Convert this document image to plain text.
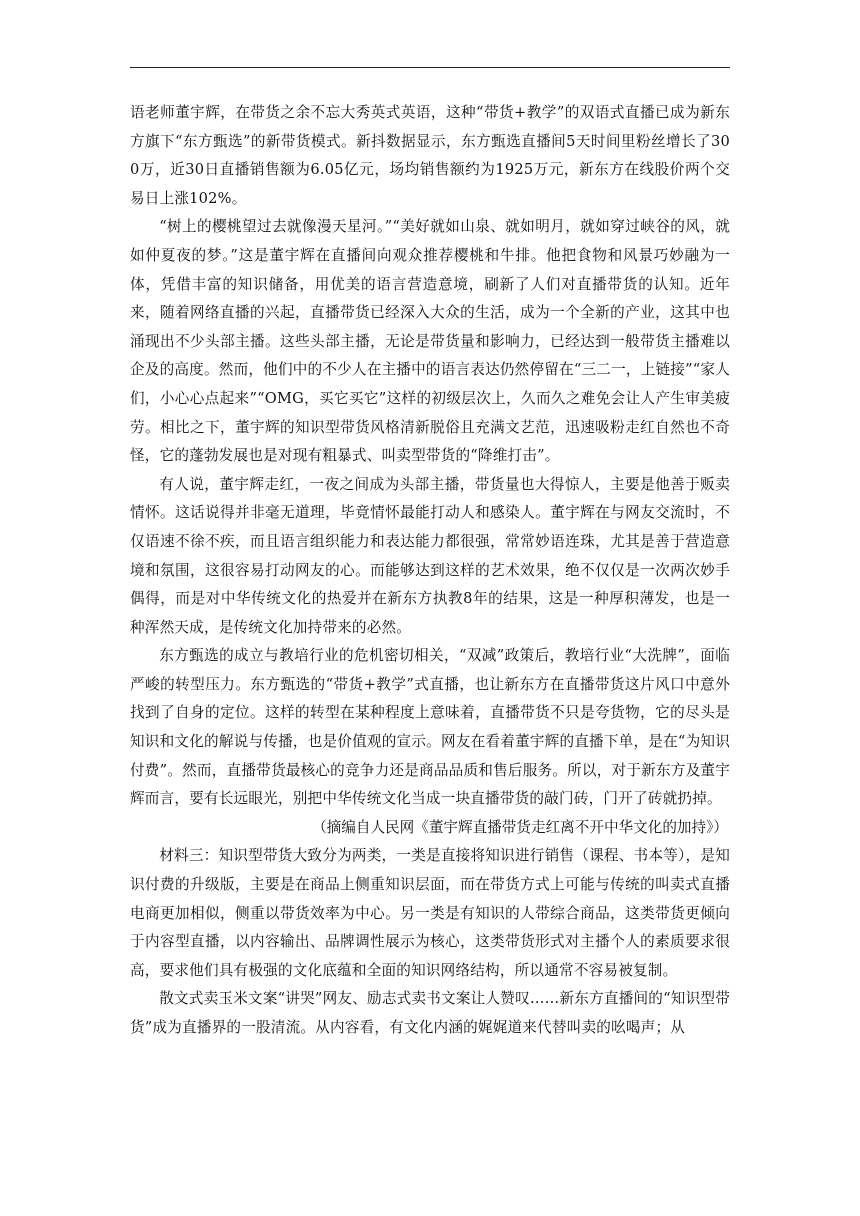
语老师董宇辉，在带货之余不忘大秀英式英语，这种“带货+教学”的双语式直播已成为新东方旗下“东方甄选”的新带货模式。新抖数据显示，东方甄选直播间5天时间里粉丝增长了300万，近30日直播销售额为6.05亿元，场均销售额约为1925万元，新东方在线股价两个交易日上涨102%。

“树上的樱桃望过去就像漫天星河。”“美好就如山泉、就如明月，就如穿过峡谷的风，就如仲夏夜的梦。”这是董宇辉在直播间向观众推荐樱桃和牛排。他把食物和风景巧妙融为一体，凭借丰富的知识储备，用优美的语言营造意境，刷新了人们对直播带货的认知。近年来，随着网络直播的兴起，直播带货已经深入大众的生活，成为一个全新的产业，这其中也涌现出不少头部主播。这些头部主播，无论是带货量和影响力，已经达到一般带货主播难以企及的高度。然而，他们中的不少人在主播中的语言表达仍然停留在“三二一，上链接”“家人们，小心心点起来”“OMG，买它买它”这样的初级层次上，久而久之难免会让人产生审美疲劳。相比之下，董宇辉的知识型带货风格清新脱俗且充满文艺范，迅速吸粉走红自然也不奇怪，它的蓬勃发展也是对现有粗暴式、叫卖型带货的“降维打击”。

有人说，董宇辉走红，一夜之间成为头部主播，带货量也大得惊人，主要是他善于贩卖情怀。这话说得并非毫无道理，毕竟情怀最能打动人和感染人。董宇辉在与网友交流时，不仅语速不徐不疾，而且语言组织能力和表达能力都很强，常常妙语连珠，尤其是善于营造意境和氛围，这很容易打动网友的心。而能够达到这样的艺术效果，绝不仅仅是一次两次妙手偶得，而是对中华传统文化的热爱并在新东方执教8年的结果，这是一种厚积薄发，也是一种浑然天成，是传统文化加持带来的必然。

东方甄选的成立与教培行业的危机密切相关，“双减”政策后，教培行业“大洗牌”，面临严峻的转型压力。东方甄选的“带货+教学”式直播，也让新东方在直播带货这片风口中意外找到了自身的定位。这样的转型在某种程度上意味着，直播带货不只是夸货物，它的尽头是知识和文化的解说与传播，也是价值观的宣示。网友在看着董宇辉的直播下单，是在“为知识付费”。然而，直播带货最核心的竞争力还是商品品质和售后服务。所以，对于新东方及董宇辉而言，要有长远眼光，别把中华传统文化当成一块直播带货的敲门砖，门开了砖就扔掉。

（摘编自人民网《董宇辉直播带货走红离不开中华文化的加持》）

材料三：知识型带货大致分为两类，一类是直接将知识进行销售（课程、书本等），是知识付费的升级版，主要是在商品上侧重知识层面，而在带货方式上可能与传统的叫卖式直播电商更加相似，侧重以带货效率为中心。另一类是有知识的人带综合商品，这类带货更倾向于内容型直播，以内容输出、品牌调性展示为核心，这类带货形式对主播个人的素质要求很高，要求他们具有极强的文化底蕴和全面的知识网络结构，所以通常不容易被复制。

散文式卖玉米文案“讲哭”网友、励志式卖书文案让人赞叹……新东方直播间的“知识型带货”成为直播界的一股清流。从内容看，有文化内涵的娓娓道来代替叫卖的吆喝声；从
